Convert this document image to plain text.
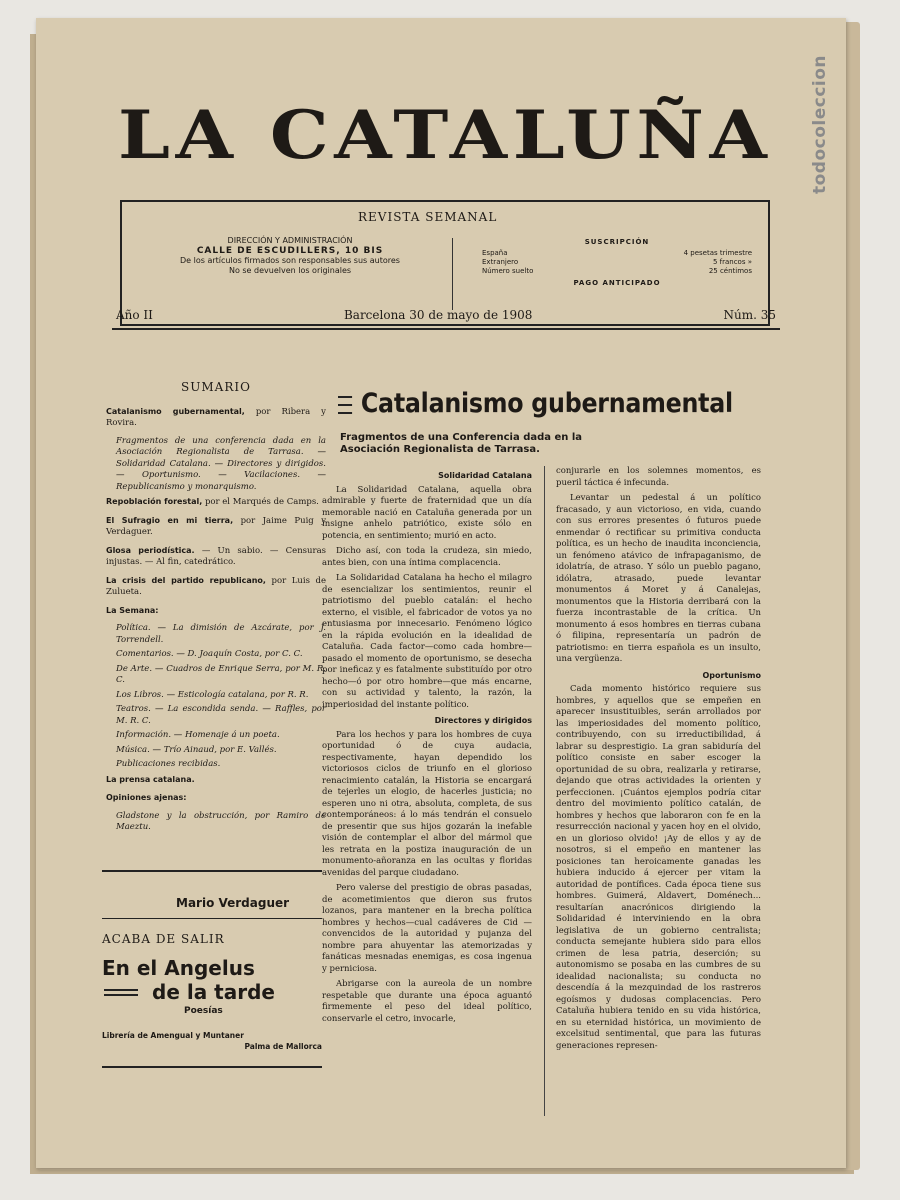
LA CATALUÑA
REVISTA SEMANAL
DIRECCIÓN Y ADMINISTRACIÓN
CALLE DE ESCUDILLERS, 10 BIS
De los artículos firmados son responsables sus autores
No se devuelven los originales
SUSCRIPCIÓN
España	4 pesetas trimestre
Extranjero	5 francos »
Número suelto	25 céntimos
PAGO ANTICIPADO
Año II	Barcelona 30 de mayo de 1908	Núm. 35
SUMARIO
Catalanismo gubernamental, por Ribera y Rovira.
Fragmentos de una conferencia dada en la Asociación Regionalista de Tarrasa. — Solidaridad Catalana. — Directores y dirigidos. — Oportunismo. — Vacilaciones. — Republicanismo y monarquismo.
Repoblación forestal, por el Marqués de Camps.
El Sufragio en mi tierra, por Jaime Puig y Verdaguer.
Glosa periodística. — Un sabio. — Censuras injustas. — Al fin, catedrático.
La crisis del partido republicano, por Luis de Zulueta.
La Semana:
Política. — La dimisión de Azcárate, por J. Torrendell.
Comentarios. — D. Joaquín Costa, por C. C.
De Arte. — Cuadros de Enrique Serra, por M. R. C.
Los Libros. — Esticología catalana, por R. R.
Teatros. — La escondida senda. — Raffles, por M. R. C.
Información. — Homenaje á un poeta.
Música. — Trío Ainaud, por E. Vallés.
Publicaciones recibidas.
La prensa catalana.
Opiniones ajenas:
Gladstone y la obstrucción, por Ramiro de Maeztu.
Mario Verdaguer
ACABA DE SALIR
En el Angelus
de la tarde
Poesías
Librería de Amengual y Muntaner
Palma de Mallorca
Catalanismo gubernamental
Fragmentos de una Conferencia dada en la Asociación Regionalista de Tarrasa.
Solidaridad Catalana

La Solidaridad Catalana, aquella obra admirable y fuerte de fraternidad que un día memorable nació en Cataluña generada por un insigne anhelo patriótico, existe sólo en potencia, en sentimiento; murió en acto.

Dicho así, con toda la crudeza, sin miedo, antes bien, con una íntima complacencia.

La Solidaridad Catalana ha hecho el milagro de esencializar los sentimientos, reunir el patriotismo del pueblo catalán: el hecho externo, el visible, el fabricador de votos ya no entusiasma por innecesario. Fenómeno lógico en la rápida evolución en la idealidad de Cataluña. Cada factor—como cada hombre—pasado el momento de oportunismo, se desecha por ineficaz y es fatalmente substituído por otro hecho—ó por otro hombre—que más encarne, con su actividad y talento, la razón, la imperiosidad del instante político.

Directores y dirigidos

Para los hechos y para los hombres de cuya oportunidad ó de cuya audacia, respectivamente, hayan dependido los victoriosos ciclos de triunfo en el glorioso renacimiento catalán, la Historia se encargará de tejerles un elogio, de hacerles justicia; no esperen uno ni otra, absoluta, completa, de sus contemporáneos: á lo más tendrán el consuelo de presentir que sus hijos gozarán la inefable visión de contemplar el albor del mármol que les retrata en la postiza inauguración de un monumento-añoranza en las ocultas y floridas avenidas del parque ciudadano.

Pero valerse del prestigio de obras pasadas, de acometimientos que dieron sus frutos lozanos, para mantener en la brecha política hombres y hechos—cual cadáveres de Cid — convencidos de la autoridad y pujanza del nombre para ahuyentar las atemorizadas y fanáticas mesnadas enemigas, es cosa ingenua y perniciosa.

Abrigarse con la aureola de un nombre respetable que durante una época aguantó firmemente el peso del ideal político, conservarle el cetro, invocarle,

conjurarle en los solemnes momentos, es pueril táctica é infecunda.

Levantar un pedestal á un político fracasado, y aun victorioso, en vida, cuando con sus errores presentes ó futuros puede enmendar ó rectificar su primitiva conducta política, es un hecho de inaudita inconciencia, un fenómeno atávico de infrapaganismo, de idolatría, de atraso. Y sólo un pueblo pagano, idólatra, atrasado, puede levantar monumentos á Moret y á Canalejas, monumentos que la Historia derribará con la fuerza incontrastable de la crítica. Un monumento á esos hombres en tierras cubana ó filipina, representaría un padrón de patriotismo: en tierra española es un insulto, una vergüenza.

Oportunismo

Cada momento histórico requiere sus hombres, y aquellos que se empeñen en aparecer insustituibles, serán arrollados por las imperiosidades del momento político, contribuyendo, con su irreductibilidad, á labrar su desprestigio. La gran sabiduría del político consiste en saber escoger la oportunidad de su obra, realizarla y retirarse, dejando que otras actividades la orienten y perfeccionen. ¡Cuántos ejemplos podría citar dentro del movimiento político catalán, de hombres y hechos que laboraron con fe en la resurrección nacional y yacen hoy en el olvido, en un glorioso olvido! ¡Ay de ellos y ay de nosotros, si el empeño en mantener las posiciones tan heroicamente ganadas les hubiera inducido á ejercer per vitam la autoridad de pontífices. Cada época tiene sus hombres. Guimerá, Aldavert, Doménech... resultarían anacrónicos dirigiendo la Solidaridad é interviniendo en la obra legislativa de un gobierno centralista; conducta semejante hubiera sido para ellos crimen de lesa patria, deserción; su autonomismo se posaba en las cumbres de su idealidad nacionalista; su conducta no descendía á la mezquindad de los rastreros egoísmos y dudosas complacencias. Pero Cataluña hubiera tenido en su vida histórica, en su eternidad histórica, un movimiento de excelsitud sentimental, que para las futuras generaciones represen-

todocoleccion
